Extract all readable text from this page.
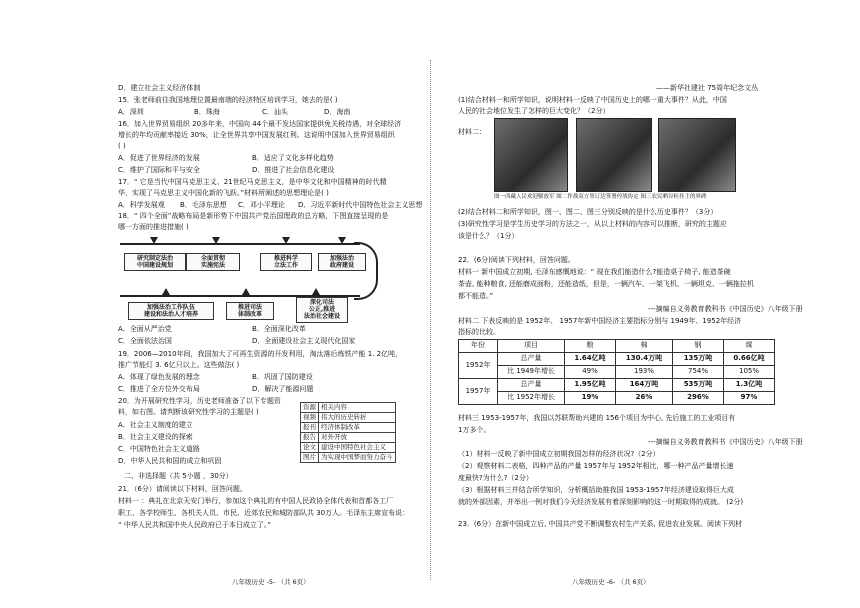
D．建立社会主义经济体制
15．张老师前往我国地理位置最南端的经济特区培训学习，她去的是( )
A．深圳	B．珠海	C．汕头	D．海南
16．加入世界贸易组织 20多年来，中国向 44个最不发达国家提供免关税待遇，对全球经济
增长的年均贡献率接近 30%，让全世界共享中国发展红利。这说明中国加入世界贸易组织
( )
A．促进了世界经济的发展	B．适应了文化多样化趋势
C．维护了国际和平与安全	D．推进了社会信息化建设
17．“ 它是当代中国马克思主义、21世纪马克思主义，是中华文化和中国精神的时代精
华，实现了马克思主义中国化新的飞跃。”材料所阐述的思想理论是( )
A．科学发展观 B．毛泽东思想 C．邓小平理论 D．习近平新时代中国特色社会主义思想
18．“ 四个全面”战略布局是新形势下中国共产党治国理政的总方略，下图直接呈现的是
哪一方面的推进措施( )
研究制定法治
中国建设规划
全面贯彻
实施宪法
推进科学
立法工作
加强法治
政府建设
加强法治工作队伍
建设和法治人才培养
推进司法
体制改革
深化司法
公正,推进
法治社会建设
A．全面从严治党	B．全面深化改革
C．全面依法治国	D．全面建设社会主义现代化国家
19．2006—2010年间，我国加大了可再生资源的开发利用，淘汰落后炼铁产能 1. 2亿吨，
推广节能灯 3. 6亿只以上。这些做法( )
A．体现了绿色发展的理念	B．巩固了国防建设
C．推进了全方位外交布局	D．解决了能源问题
20．为开展研究性学习，历史老师准备了以下专题资
料，如右图。请判断该研究性学习的主题是( )
A．社会主义制度的建立
B．社会主义建设的探索
C．中国特色社会主义道路
D．中华人民共和国的成立和巩固
资源	相关内容
视频	伟大的历史转折
报刊	经济体制改革
报告	对外开放
论文	建设中国特色社会主义
图片	为实现中国梦而努力奋斗
二、非选择题（共 5小题 ，30分）
21．（6分）请阅读以下材料，回答问题。
材料一 ：典礼在北京天安门举行，参加这个典礼的有中国人民政协全体代表和首都各工厂
职工、各学校师生、各机关人员、市民、近郊农民和城防部队共 30万人。毛泽东主席宣布说：
“ 中华人民共和国中央人民政府已于本日成立了。”
八年级历史 -5- （共 6页）
——新华社建社 75周年纪念文丛
(1)结合材料一和所学知识，说明材料一反映了中国历史上的哪一重大事件？从此，中国
人民的社会地位发生了怎样的巨大变化？（2分）
材料二：
图一西藏人民欢迎解放军 图二作战双方签订达签署停战协定 图三农民晒谷粒挂主的界碑
(2)结合材料二和所学知识，图一、图二、图三分别反映的是什么历史事件？（3分）
(3)研究性学习是学生历史学习的方法之一，从以上材料的内容可以推断，研究的主题应
该是什么？（1分）
22．(6分)阅读下列材料，回答问题。
材料一 新中国成立初期, 毛泽东感慨地说：“ 现在我们能造什么?能造桌子椅子, 能造茶碗
茶壶, 能种粮食, 还能磨成面粉，还能造纸，但是，一辆汽车、一架飞机、一辆坦克、一辆拖拉机
都不能造。”
---摘编自义务教育教科书《中国历史》八年级下册
材料二 下表反映的是 1952年、 1957年新中国经济主要指标分别与 1949年、1952年经济
指标的比较。
年份	项目	粮	棉	钢	煤
1952年	总产量	1.64亿吨	130.4万吨	135万吨	0.66亿吨
	比 1949年增长	49%	193%	754%	105%
1957年	总产量	1.95亿吨	164万吨	535万吨	1.3亿吨
	比 1952年增长	19%	26%	296%	97%
材料三 1953-1957年，我国以苏联帮助兴建的 156个项目为中心, 先后施工的工业项目有
1万多个。
---摘编自义务教育教科书《中国历史》八年级下册
（1）材料一反映了新中国成立初期我国怎样的经济状况?（2分）
（2）观察材料二表格，四种产品的产量 1957年与 1952年相比，哪一种产品产量增长速
度最快?为什么?（2分）
（3）根据材料三并结合所学知识，分析概括助推我国 1953-1957年经济建设取得巨大成
就的外部因素，并举出一例对我们今天经济发展有着深刻影响的这一时期取得的成就。 (2分)
23．(6分）在新中国成立后, 中国共产党不断调整农村生产关系, 促进农业发展。阅读下列材
八年级历史 -6- （共 6页）
